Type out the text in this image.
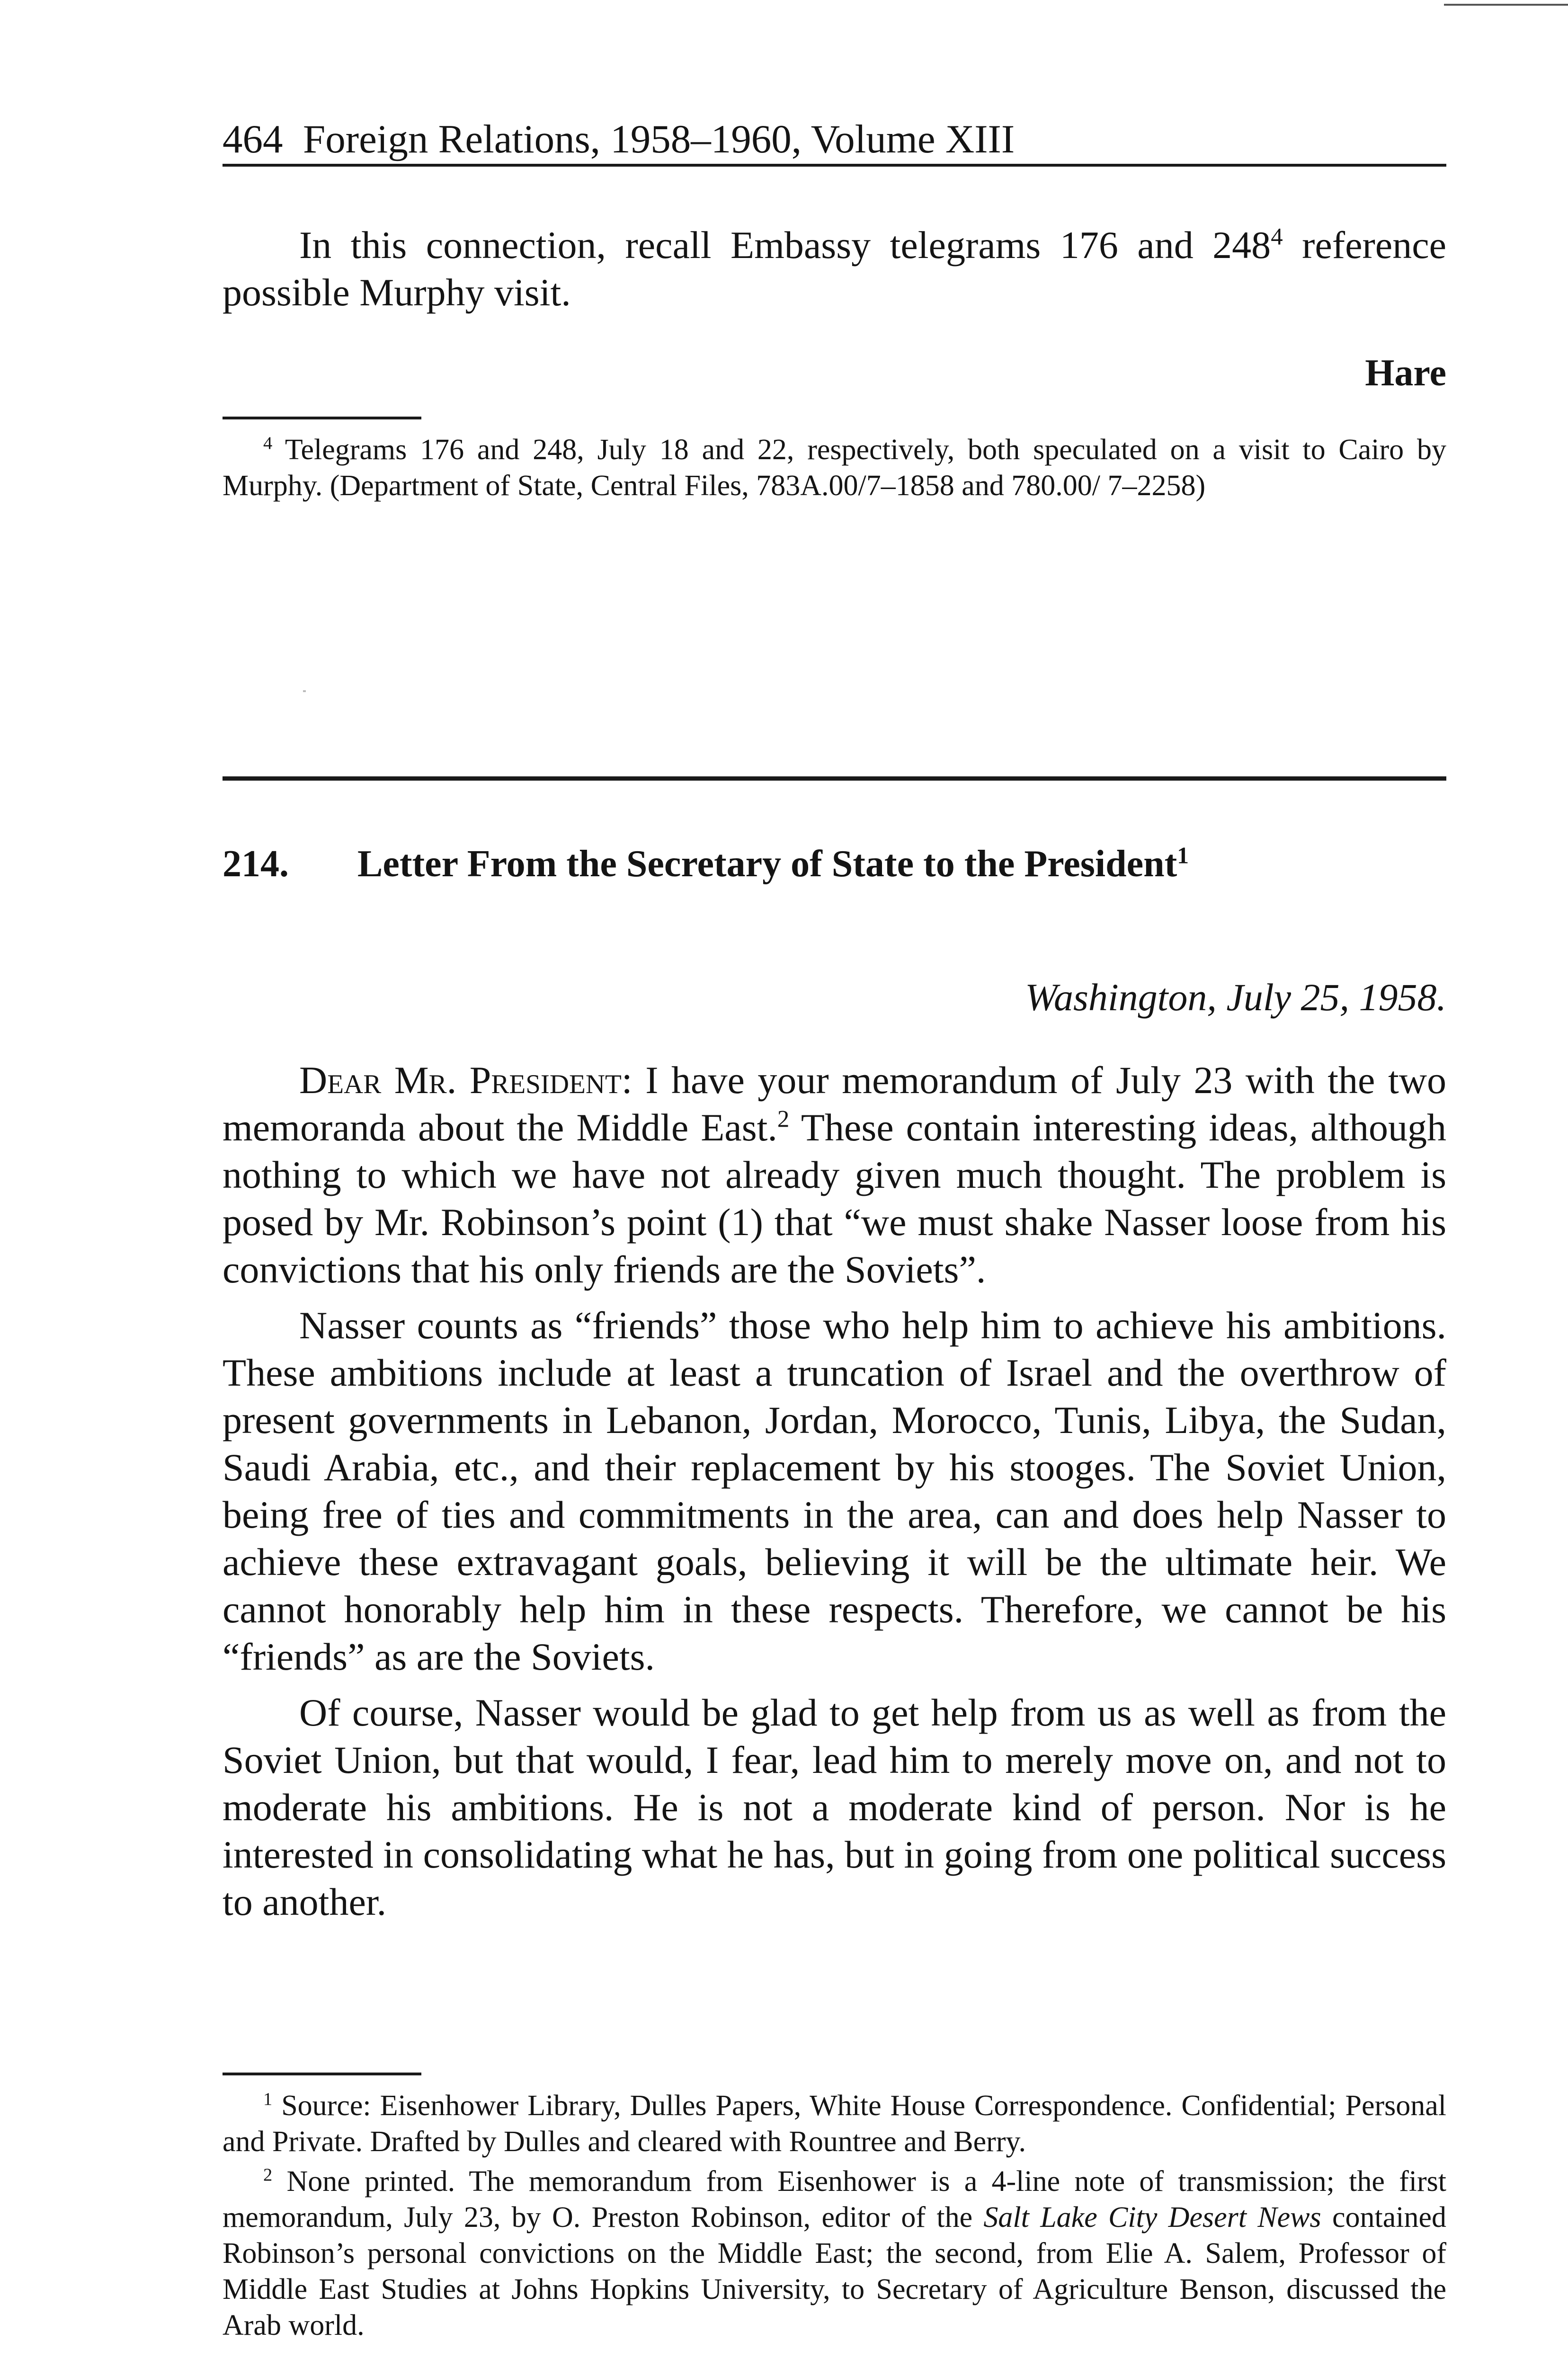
464 Foreign Relations, 1958–1960, Volume XIII

In this connection, recall Embassy telegrams 176 and $248^4$ reference possible Murphy visit.

Hare

$^4$ Telegrams 176 and 248, July 18 and 22, respectively, both speculated on a visit to Cairo by Murphy. (Department of State, Central Files, 783A.00/7–1858 and 780.00/ 7–2258)

214. Letter From the Secretary of State to the President$^1$
Washington, July 25, 1958.

Dear Mr. President: I have your memorandum of July 23 with the two memoranda about the Middle East.$^2$ These contain interesting ideas, although nothing to which we have not already given much thought. The problem is posed by Mr. Robinson’s point (1) that “we must shake Nasser loose from his convictions that his only friends are the Soviets”.

Nasser counts as “friends” those who help him to achieve his ambitions. These ambitions include at least a truncation of Israel and the overthrow of present governments in Lebanon, Jordan, Morocco, Tunis, Libya, the Sudan, Saudi Arabia, etc., and their replacement by his stooges. The Soviet Union, being free of ties and commitments in the area, can and does help Nasser to achieve these extravagant goals, believing it will be the ultimate heir. We cannot honorably help him in these respects. Therefore, we cannot be his “friends” as are the Soviets.

Of course, Nasser would be glad to get help from us as well as from the Soviet Union, but that would, I fear, lead him to merely move on, and not to moderate his ambitions. He is not a moderate kind of person. Nor is he interested in consolidating what he has, but in going from one political success to another.

$^1$ Source: Eisenhower Library, Dulles Papers, White House Correspondence. Confidential; Personal and Private. Drafted by Dulles and cleared with Rountree and Berry.

$^2$ None printed. The memorandum from Eisenhower is a 4-line note of transmission; the first memorandum, July 23, by O. Preston Robinson, editor of the Salt Lake City Desert News contained Robinson’s personal convictions on the Middle East; the second, from Elie A. Salem, Professor of Middle East Studies at Johns Hopkins University, to Secretary of Agriculture Benson, discussed the Arab world.
